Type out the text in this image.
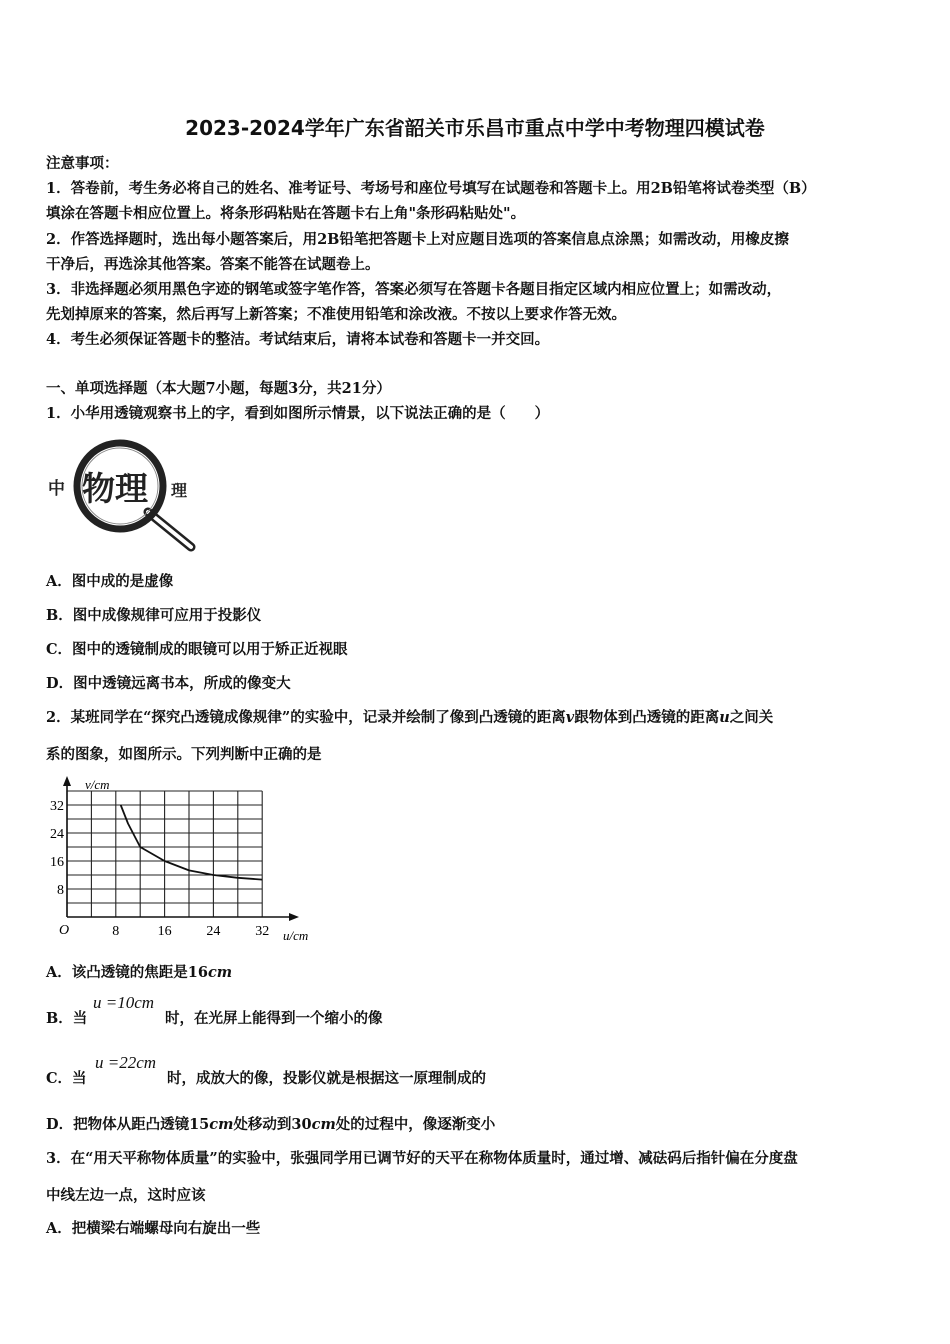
2023-2024学年广东省韶关市乐昌市重点中学中考物理四模试卷
注意事项：
1．答卷前，考生务必将自己的姓名、准考证号、考场号和座位号填写在试题卷和答题卡上。用2B铅笔将试卷类型（B）
填涂在答题卡相应位置上。将条形码粘贴在答题卡右上角"条形码粘贴处"。
2．作答选择题时，选出每小题答案后，用2B铅笔把答题卡上对应题目选项的答案信息点涂黑；如需改动，用橡皮擦
干净后，再选涂其他答案。答案不能答在试题卷上。
3．非选择题必须用黑色字迹的钢笔或签字笔作答，答案必须写在答题卡各题目指定区域内相应位置上；如需改动，
先划掉原来的答案，然后再写上新答案；不准使用铅笔和涂改液。不按以上要求作答无效。
4．考生必须保证答题卡的整洁。考试结束后，请将本试卷和答题卡一并交回。
一、单项选择题（本大题7小题，每题3分，共21分）
1．小华用透镜观察书上的字，看到如图所示情景，以下说法正确的是（　　）
中 物理 理
A．图中成的是虚像
B．图中成像规律可应用于投影仪
C．图中的透镜制成的眼镜可以用于矫正近视眼
D．图中透镜远离书本，所成的像变大
2．某班同学在“探究凸透镜成像规律”的实验中，记录并绘制了像到凸透镜的距离v跟物体到凸透镜的距离u之间关
系的图象，如图所示。下列判断中正确的是
8	16 24 32
8
16
24
32
v/cm
u/cm
O
A．该凸透镜的焦距是16cm
B．当
u =10cm
时，在光屏上能得到一个缩小的像
C．当
u =22cm
时，成放大的像，投影仪就是根据这一原理制成的
D．把物体从距凸透镜15cm处移动到30cm处的过程中，像逐渐变小
3．在“用天平称物体质量”的实验中，张强同学用已调节好的天平在称物体质量时，通过增、减砝码后指针偏在分度盘
中线左边一点，这时应该
A．把横梁右端螺母向右旋出一些
